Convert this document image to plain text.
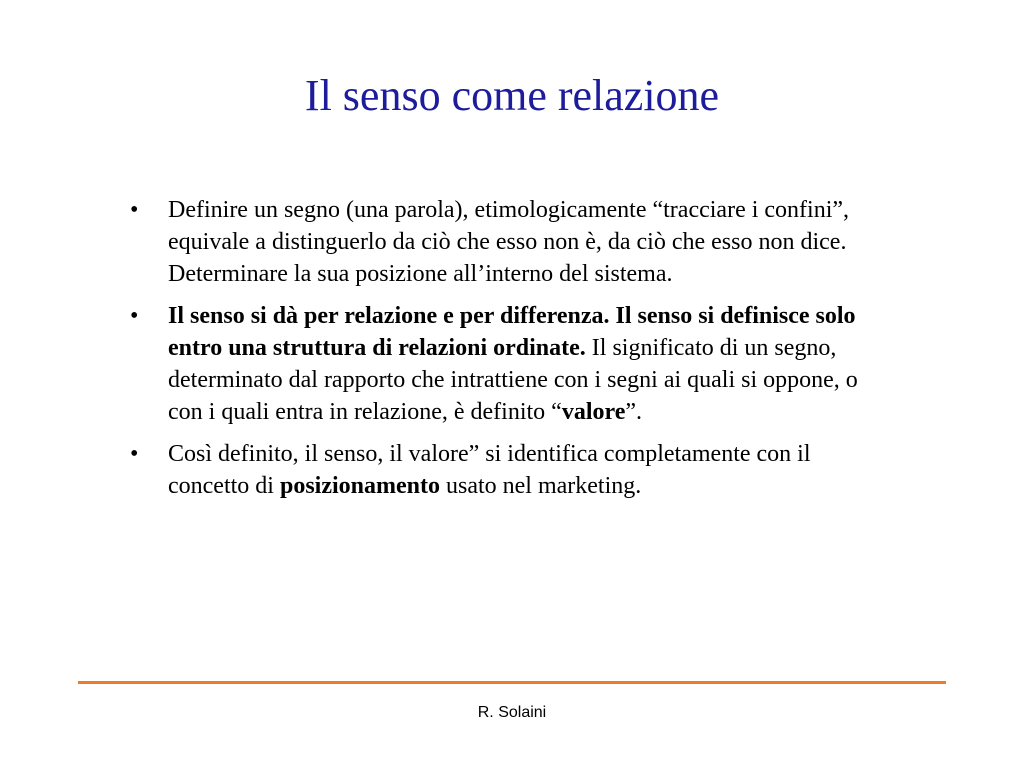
Il senso come relazione
• Definire un segno (una parola), etimologicamente “tracciare i confini”, equivale a distinguerlo da ciò che esso non è, da ciò che esso non dice. Determinare la sua posizione all’interno del sistema.
• Il senso si dà per relazione e per differenza. Il senso si definisce solo entro una struttura di relazioni ordinate. Il significato di un segno, determinato dal rapporto che intrattiene con i segni ai quali si oppone, o con i quali entra in relazione, è definito “valore”.
• Così definito, il senso, il valore” si identifica completamente con il concetto di posizionamento usato nel marketing.
R. Solaini
